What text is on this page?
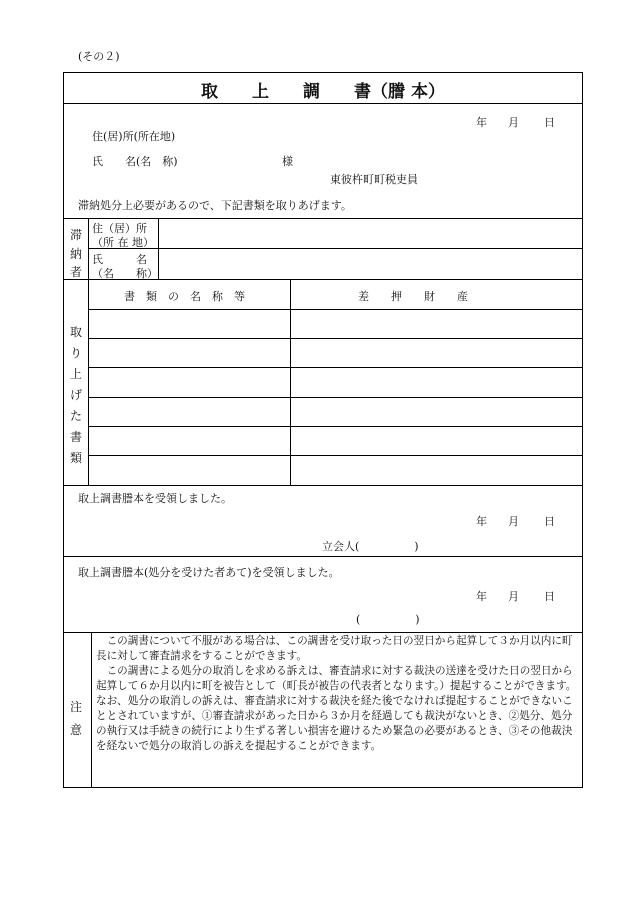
(その２)
取　　上　　調　　書（謄 本）
年 月 日
住(居)所(所在地)
氏　　名(名　称)	様
東彼杵町町税吏員
滞納処分上必要があるので、下記書類を取りあげます。
滞納者
住（居）所
（所 在 地）
氏　　　名
（名　　称）
取り上げた書類
書　類　の　名　称　等	差　　押　　財　　産
取上調書謄本を受領しました。
年 月 日
立会人(　　　　　)
取上調書謄本(処分を受けた者あて)を受領しました。
年 月 日
(　　　　　)
注意

この調書について不服がある場合は、この調書を受け取った日の翌日から起算して３か月以内に町長に対して審査請求をすることができます。

この調書による処分の取消しを求める訴えは、審査請求に対する裁決の送達を受けた日の翌日から起算して６か月以内に町を被告として（町長が被告の代表者となります。）提起することができます。なお、処分の取消しの訴えは、審査請求に対する裁決を経た後でなければ提起することができないこととされていますが、①審査請求があった日から３か月を経過しても裁決がないとき、②処分、処分の執行又は手続きの続行により生ずる著しい損害を避けるため緊急の必要があるとき、③その他裁決を経ないで処分の取消しの訴えを提起することができます。
